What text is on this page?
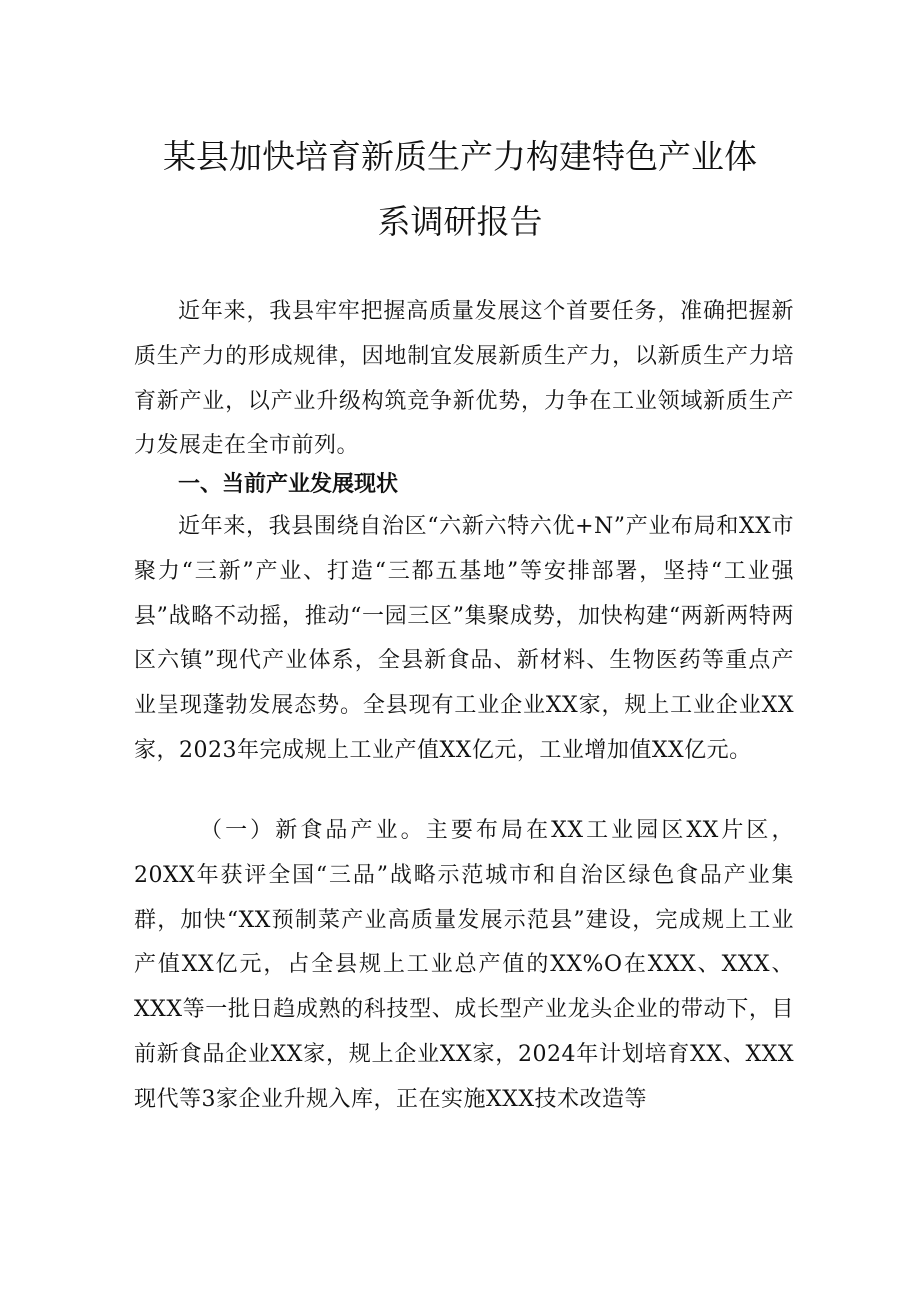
某县加快培育新质生产力构建特色产业体
系调研报告

近年来，我县牢牢把握高质量发展这个首要任务，准确把握新质生产力的形成规律，因地制宜发展新质生产力，以新质生产力培育新产业，以产业升级构筑竞争新优势，力争在工业领域新质生产力发展走在全市前列。

一、当前产业发展现状

近年来，我县围绕自治区“六新六特六优+N”产业布局和XX市聚力“三新”产业、打造“三都五基地”等安排部署，坚持“工业强县”战略不动摇，推动“一园三区”集聚成势，加快构建“两新两特两区六镇”现代产业体系，全县新食品、新材料、生物医药等重点产业呈现蓬勃发展态势。全县现有工业企业XX家，规上工业企业XX家，2023年完成规上工业产值XX亿元，工业增加值XX亿元。

（一）新食品产业。主要布局在XX工业园区XX片区，20XX年获评全国“三品”战略示范城市和自治区绿色食品产业集群，加快“XX预制菜产业高质量发展示范县”建设，完成规上工业产值XX亿元，占全县规上工业总产值的XX%O在XXX、XXX、XXX等一批日趋成熟的科技型、成长型产业龙头企业的带动下，目前新食品企业XX家，规上企业XX家，2024年计划培育XX、XXX现代等3家企业升规入库，正在实施XXX技术改造等
